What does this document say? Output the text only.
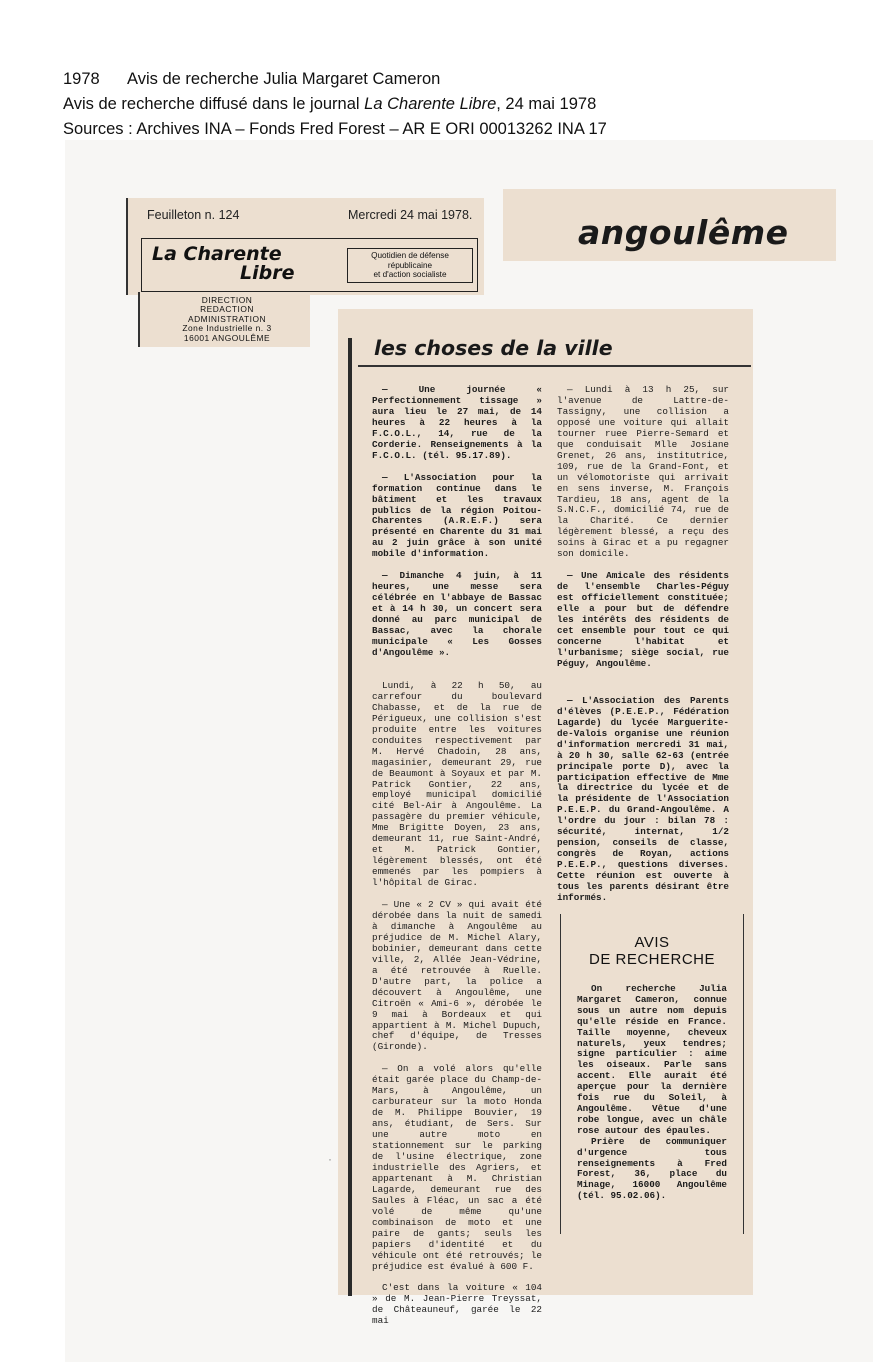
1978 Avis de recherche Julia Margaret Cameron
Avis de recherche diffusé dans le journal La Charente Libre, 24 mai 1978
Sources : Archives INA – Fonds Fred Forest – AR E ORI 00013262 INA 17
Feuilleton n. 124	Mercredi 24 mai 1978.
La Charente
Libre
Quotidien de défense
républicaine
et d'action socialiste
DIRECTION
REDACTION
ADMINISTRATION
Zone Industrielle n. 3
16001 ANGOULÊME
angoulême
les choses de la ville

— Une journée « Perfectionnement tissage » aura lieu le 27 mai, de 14 heures à 22 heures à la F.C.O.L., 14, rue de la Corderie. Renseignements à la F.C.O.L. (tél. 95.17.89).

— L'Association pour la formation continue dans le bâtiment et les travaux publics de la région Poitou-Charentes (A.R.E.F.) sera présenté en Charente du 31 mai au 2 juin grâce à son unité mobile d'information.

— Dimanche 4 juin, à 11 heures, une messe sera célébrée en l'abbaye de Bassac et à 14 h 30, un concert sera donné au parc municipal de Bassac, avec la chorale municipale « Les Gosses d'Angoulême ».

Lundi, à 22 h 50, au carrefour du boulevard Chabasse, et de la rue de Périgueux, une collision s'est produite entre les voitures conduites respectivement par M. Hervé Chadoin, 28 ans, magasinier, demeurant 29, rue de Beaumont à Soyaux et par M. Patrick Gontier, 22 ans, employé municipal domicilié cité Bel-Air à Angoulême. La passagère du premier véhicule, Mme Brigitte Doyen, 23 ans, demeurant 11, rue Saint-André, et M. Patrick Gontier, légèrement blessés, ont été emmenés par les pompiers à l'hôpital de Girac.

— Une « 2 CV » qui avait été dérobée dans la nuit de samedi à dimanche à Angoulême au préjudice de M. Michel Alary, bobinier, demeurant dans cette ville, 2, Allée Jean-Védrine, a été retrouvée à Ruelle. D'autre part, la police a découvert à Angoulême, une Citroën « Ami-6 », dérobée le 9 mai à Bordeaux et qui appartient à M. Michel Dupuch, chef d'équipe, de Tresses (Gironde).

— On a volé alors qu'elle était garée place du Champ-de-Mars, à Angoulême, un carburateur sur la moto Honda de M. Philippe Bouvier, 19 ans, étudiant, de Sers. Sur une autre moto en stationnement sur le parking de l'usine électrique, zone industrielle des Agriers, et appartenant à M. Christian Lagarde, demeurant rue des Saules à Fléac, un sac a été volé de même qu'une combinaison de moto et une paire de gants; seuls les papiers d'identité et du véhicule ont été retrouvés; le préjudice est évalué à 600 F.

C'est dans la voiture « 104 » de M. Jean-Pierre Treyssat, de Châteauneuf, garée le 22 mai

— Lundi à 13 h 25, sur l'avenue de Lattre-de-Tassigny, une collision a opposé une voiture qui allait tourner ruee Pierre-Semard et que conduisait Mlle Josiane Grenet, 26 ans, institutrice, 109, rue de la Grand-Font, et un vélomotoriste qui arrivait en sens inverse, M. François Tardieu, 18 ans, agent de la S.N.C.F., domicilié 74, rue de la Charité. Ce dernier légèrement blessé, a reçu des soins à Girac et a pu regagner son domicile.

— Une Amicale des résidents de l'ensemble Charles-Péguy est officiellement constituée; elle a pour but de défendre les intérêts des résidents de cet ensemble pour tout ce qui concerne l'habitat et l'urbanisme; siège social, rue Péguy, Angoulême.

— L'Association des Parents d'élèves (P.E.E.P., Fédération Lagarde) du lycée Marguerite-de-Valois organise une réunion d'information mercredi 31 mai, à 20 h 30, salle 62-63 (entrée principale porte D), avec la participation effective de Mme la directrice du lycée et de la présidente de l'Association P.E.E.P. du Grand-Angoulême. A l'ordre du jour : bilan 78 : sécurité, internat, 1/2 pension, conseils de classe, congrès de Royan, actions P.E.E.P., questions diverses. Cette réunion est ouverte à tous les parents désirant être informés.

AVIS
DE RECHERCHE

On recherche Julia Margaret Cameron, connue sous un autre nom depuis qu'elle réside en France. Taille moyenne, cheveux naturels, yeux tendres; signe particulier : aime les oiseaux. Parle sans accent. Elle aurait été aperçue pour la dernière fois rue du Soleil, à Angoulême. Vêtue d'une robe longue, avec un châle rose autour des épaules.

Prière de communiquer d'urgence tous renseignements à Fred Forest, 36, place du Minage, 16000 Angoulême (tél. 95.02.06).

·
